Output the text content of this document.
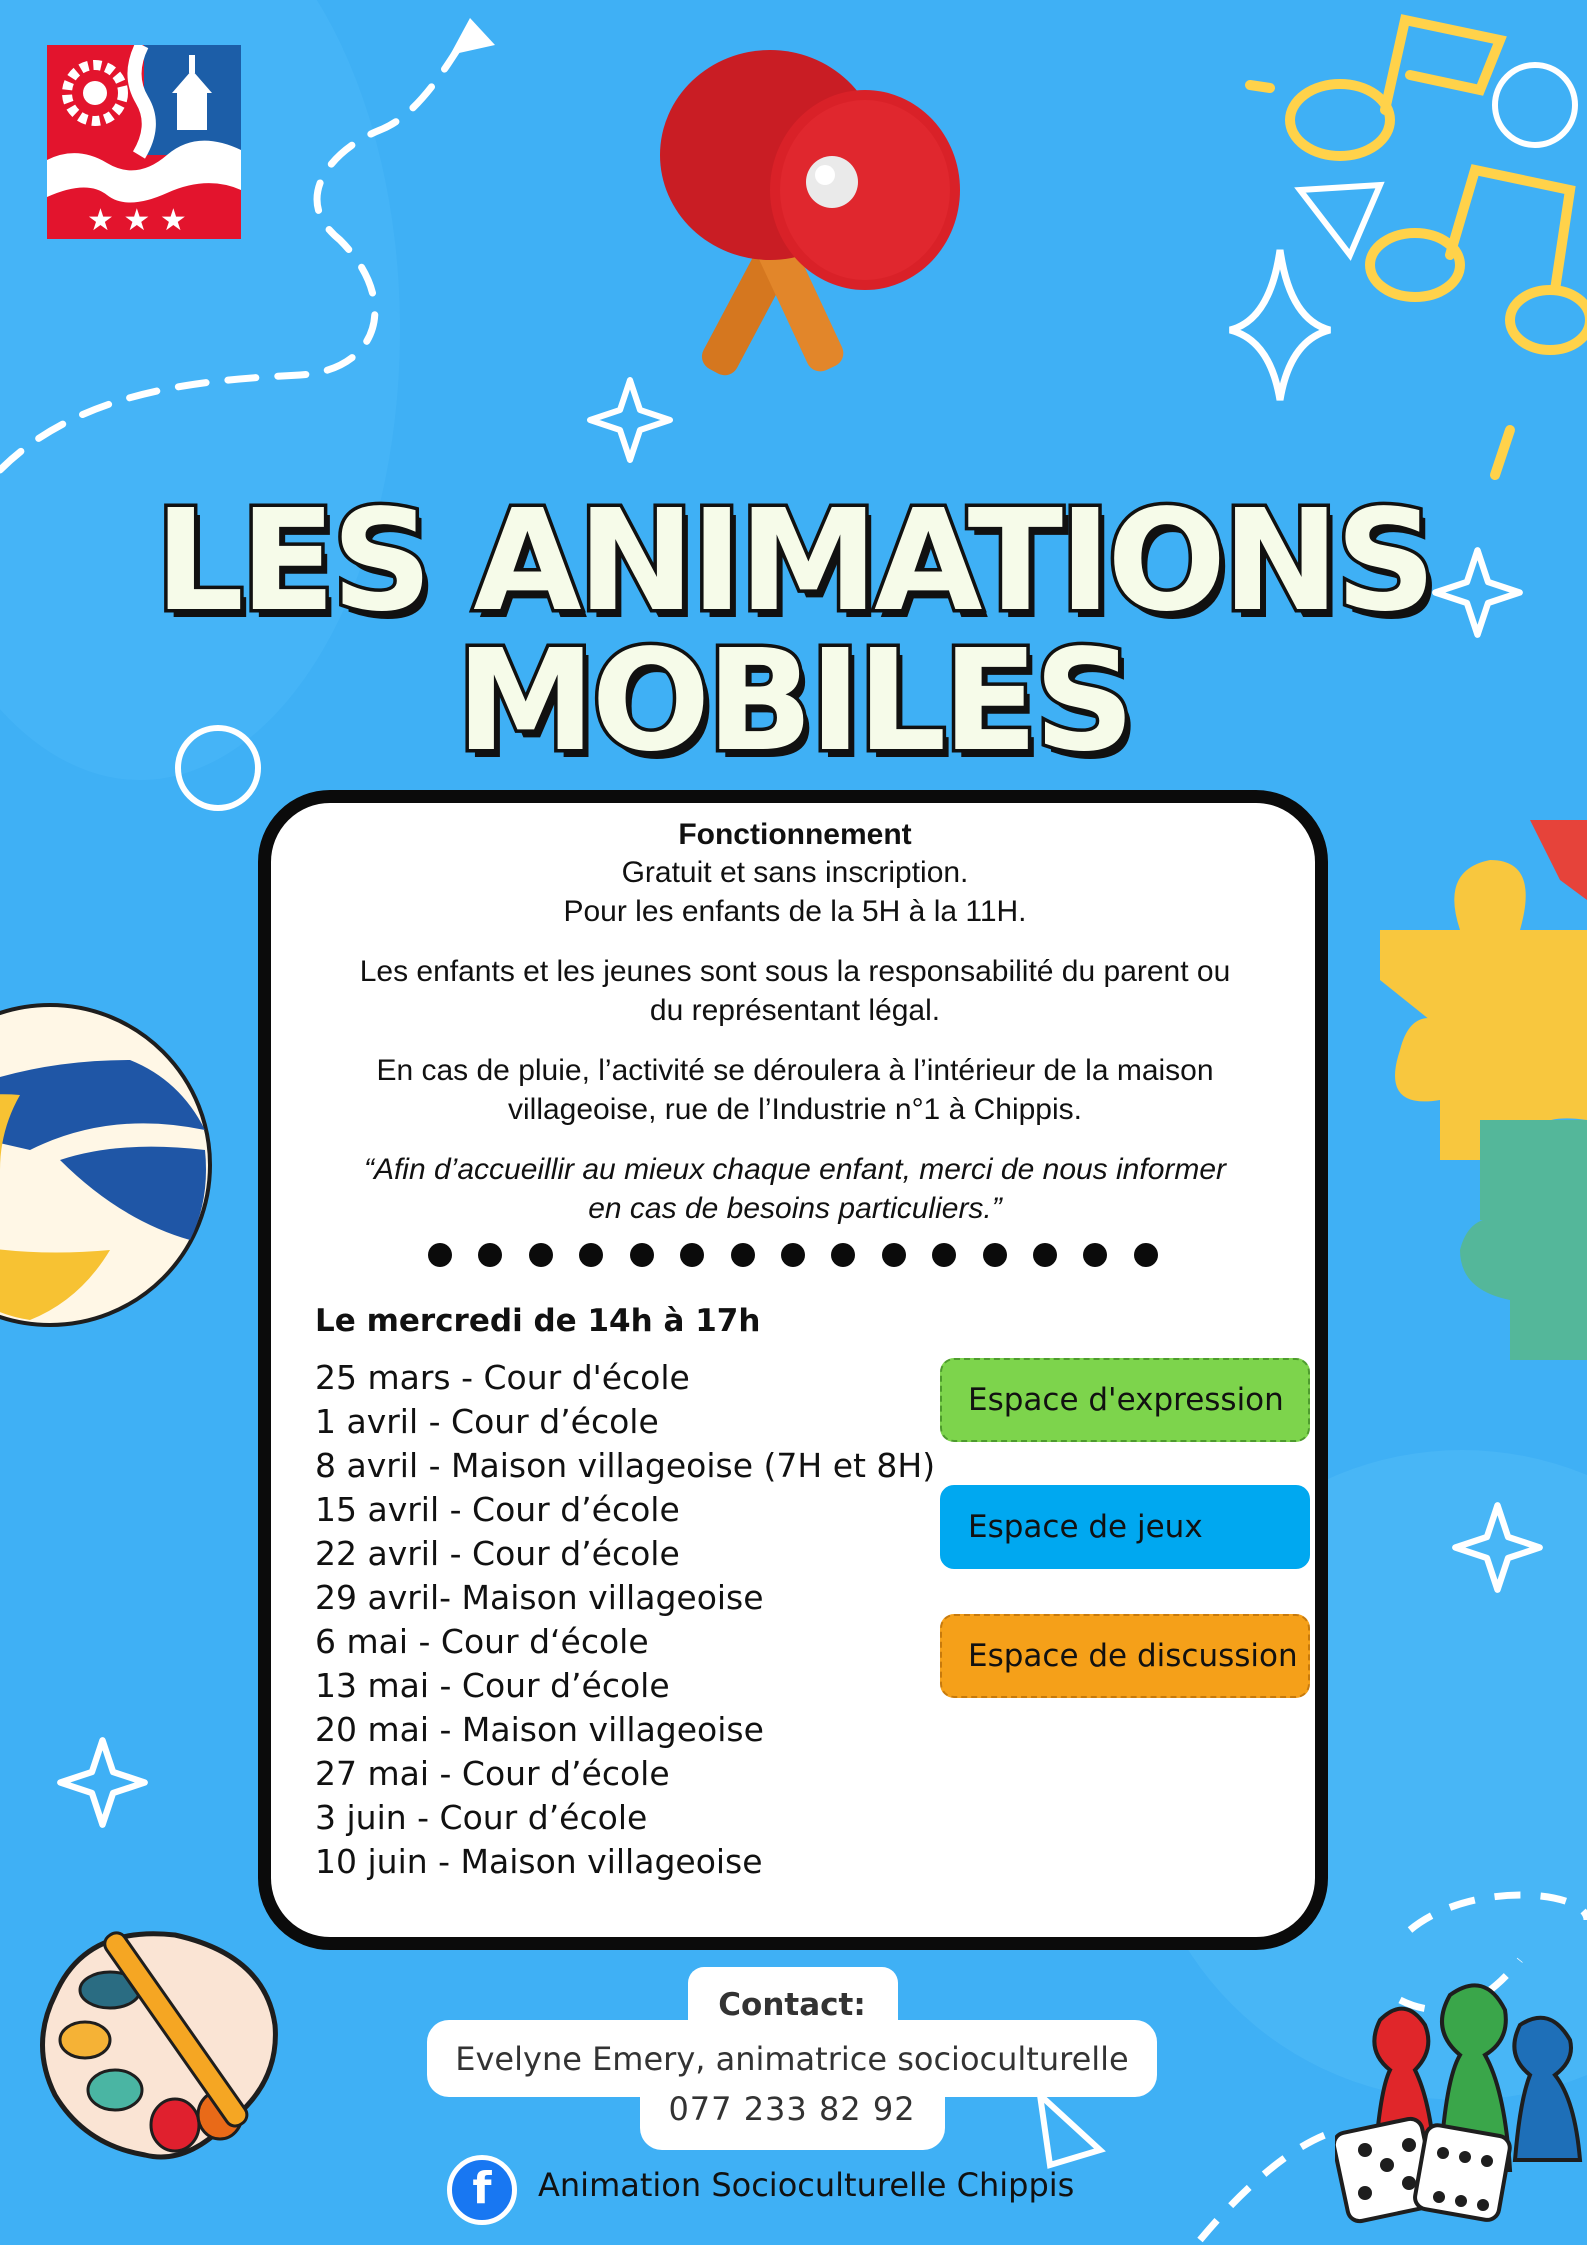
★ ★ ★
LES ANIMATIONS
MOBILES

Fonctionnement

Gratuit et sans inscription.

Pour les enfants de la 5H à la 11H.

Les enfants et les jeunes sont sous la responsabilité du parent ou

du représentant légal.

En cas de pluie, l’activité se déroulera à l’intérieur de la maison

villageoise, rue de l’Industrie n°1 à Chippis.

“Afin d’accueillir au mieux chaque enfant, merci de nous informer

en cas de besoins particuliers.”

Le mercredi de 14h à 17h

25 mars - Cour d'école
1 avril - Cour d’école
8 avril - Maison villageoise (7H et 8H)
15 avril - Cour d’école
22 avril - Cour d’école
29 avril- Maison villageoise
6 mai - Cour d‘école
13 mai - Cour d’école
20 mai - Maison villageoise
27 mai - Cour d’école
3 juin - Cour d’école
10 juin - Maison villageoise
Espace d'expression
Espace de jeux
Espace de discussion

Contact:

Evelyne Emery, animatrice socioculturelle

077 233 82 92

f	Animation Socioculturelle Chippis
